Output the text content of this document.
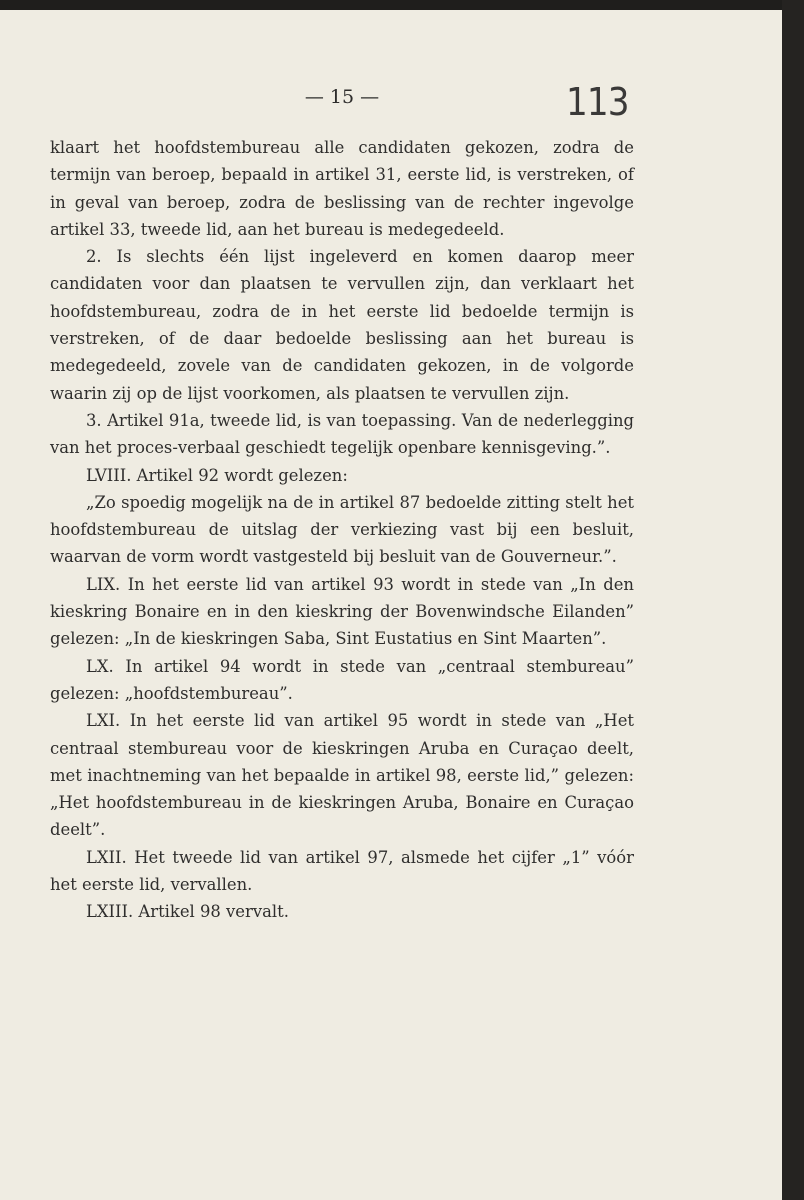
— 15 —	113

klaart het hoofdstembureau alle candidaten gekozen, zodra de termijn van beroep, bepaald in artikel 31, eerste lid, is verstreken, of in geval van beroep, zodra de beslissing van de rechter ingevolge artikel 33, tweede lid, aan het bureau is medegedeeld.

2. Is slechts één lijst ingeleverd en komen daarop meer candidaten voor dan plaatsen te vervullen zijn, dan verklaart het hoofdstembureau, zodra de in het eerste lid bedoelde termijn is verstreken, of de daar bedoelde beslissing aan het bureau is medegedeeld, zovele van de candidaten gekozen, in de volgorde waarin zij op de lijst voorkomen, als plaatsen te vervullen zijn.

3. Artikel 91a, tweede lid, is van toepassing. Van de nederlegging van het proces-verbaal geschiedt tegelijk openbare kennisgeving.”.

LVIII. Artikel 92 wordt gelezen:

„Zo spoedig mogelijk na de in artikel 87 bedoelde zitting stelt het hoofdstembureau de uitslag der verkiezing vast bij een besluit, waarvan de vorm wordt vastgesteld bij besluit van de Gouverneur.”.

LIX. In het eerste lid van artikel 93 wordt in stede van „In den kieskring Bonaire en in den kieskring der Bovenwindsche Eilanden” gelezen: „In de kieskringen Saba, Sint Eustatius en Sint Maarten”.

LX. In artikel 94 wordt in stede van „centraal stembureau” gelezen: „hoofdstembureau”.

LXI. In het eerste lid van artikel 95 wordt in stede van „Het centraal stembureau voor de kieskringen Aruba en Curaçao deelt, met inachtneming van het bepaalde in artikel 98, eerste lid,” gelezen: „Het hoofdstembureau in de kieskringen Aruba, Bonaire en Curaçao deelt”.

LXII. Het tweede lid van artikel 97, alsmede het cijfer „1” vóór het eerste lid, vervallen.

LXIII. Artikel 98 vervalt.
